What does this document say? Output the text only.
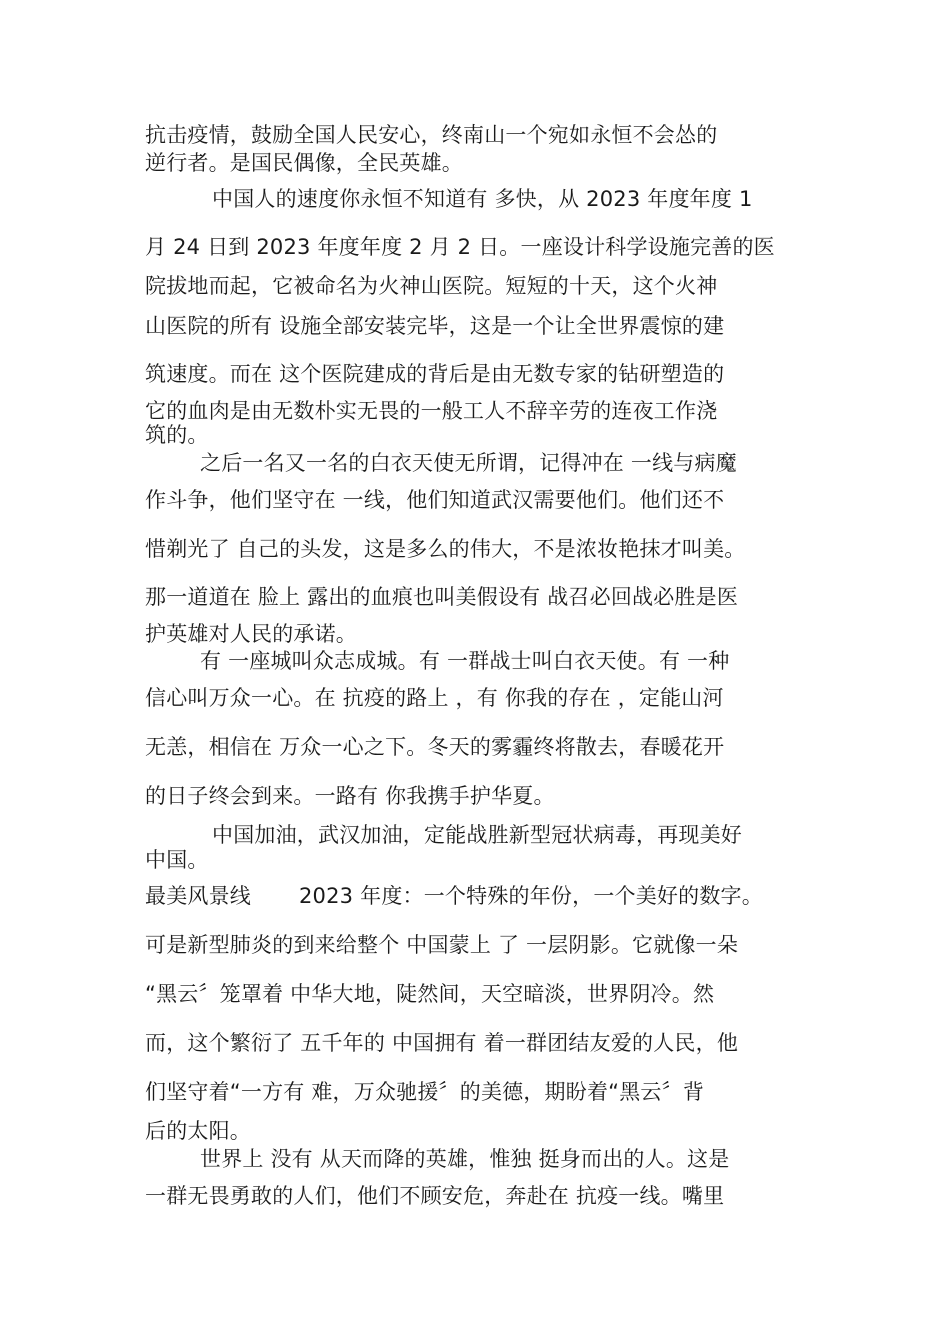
抗击疫情，鼓励全国人民安心，终南山一个宛如永恒不会怂的
逆行者。是国民偶像，全民英雄。
中国人的速度你永恒不知道有 多快，从 2023 年度年度 1
月 24 日到 2023 年度年度 2 月 2 日。一座设计科学设施完善的医
院拔地而起，它被命名为火神山医院。短短的十天，这个火神
山医院的所有 设施全部安装完毕，这是一个让全世界震惊的建
筑速度。而在 这个医院建成的背后是由无数专家的钻研塑造的
它的血肉是由无数朴实无畏的一般工人不辞辛劳的连夜工作浇
筑的。
之后一名又一名的白衣天使无所谓，记得冲在 一线与病魔
作斗争，他们坚守在 一线，他们知道武汉需要他们。他们还不
惜剃光了 自己的头发，这是多么的伟大，不是浓妆艳抹才叫美。
那一道道在 脸上 露出的血痕也叫美假设有 战召必回战必胜是医
护英雄对人民的承诺。
有 一座城叫众志成城。有 一群战士叫白衣天使。有 一种
信心叫万众一心。在 抗疫的路上 ，有 你我的存在 ，定能山河
无恙，相信在 万众一心之下。冬天的雾霾终将散去，春暖花开
的日子终会到来。一路有 你我携手护华夏。
中国加油，武汉加油，定能战胜新型冠状病毒，再现美好
中国。
最美风景线 2023 年度：一个特殊的年份，一个美好的数字。
可是新型肺炎的到来给整个 中国蒙上 了 一层阴影。它就像一朵
“黑云〞笼罩着 中华大地，陡然间，天空暗淡，世界阴冷。然
而，这个繁衍了 五千年的 中国拥有 着一群团结友爱的人民，他
们坚守着“一方有 难，万众驰援〞的美德，期盼着“黑云〞背
后的太阳。
世界上 没有 从天而降的英雄，惟独 挺身而出的人。这是
一群无畏勇敢的人们，他们不顾安危，奔赴在 抗疫一线。嘴里
